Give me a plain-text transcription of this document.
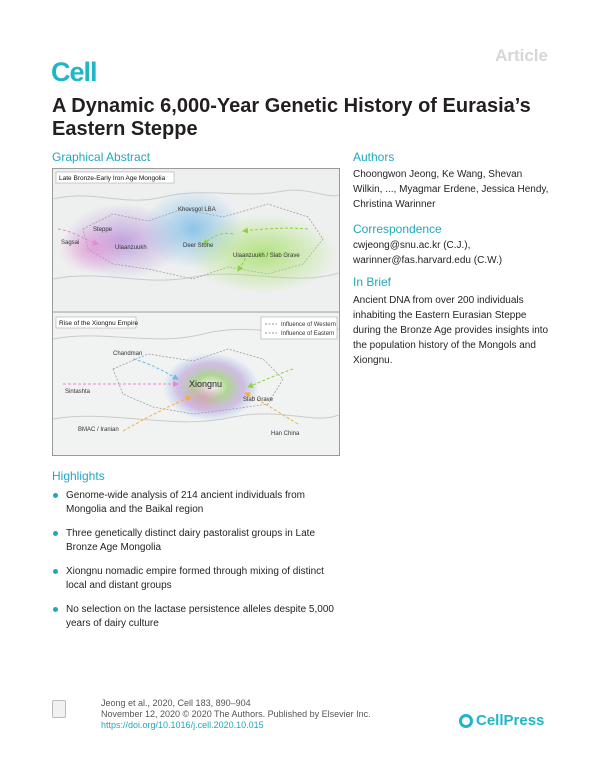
Cell
Article
A Dynamic 6,000-Year Genetic History of Eurasia’s Eastern Steppe
Graphical Abstract
Late Bronze-Early Iron Age Mongolia
Sagsai
Ulaanzuukh
Khovsgol LBA
Deer Stone
Ulaanzuukh / Slab Grave
Steppe
Rise of the Xiongnu Empire	Influence of Western
Influence of Eastern
Chandman
Xiongnu
Slab Grave
Sintashta
BMAC / Iranian
Han China
Authors
Choongwon Jeong, Ke Wang, Shevan Wilkin, ..., Myagmar Erdene, Jessica Hendy, Christina Warinner
Correspondence
cwjeong@snu.ac.kr (C.J.),
warinner@fas.harvard.edu (C.W.)
In Brief
Ancient DNA from over 200 individuals inhabiting the Eastern Eurasian Steppe during the Bronze Age provides insights into the population history of the Mongols and Xiongnu.
Highlights
Genome-wide analysis of 214 ancient individuals from Mongolia and the Baikal region
Three genetically distinct dairy pastoralist groups in Late Bronze Age Mongolia
Xiongnu nomadic empire formed through mixing of distinct local and distant groups
No selection on the lactase persistence alleles despite 5,000 years of dairy culture
Jeong et al., 2020, Cell 183, 890–904
November 12, 2020 © 2020 The Authors. Published by Elsevier Inc.
https://doi.org/10.1016/j.cell.2020.10.015	CellPress
